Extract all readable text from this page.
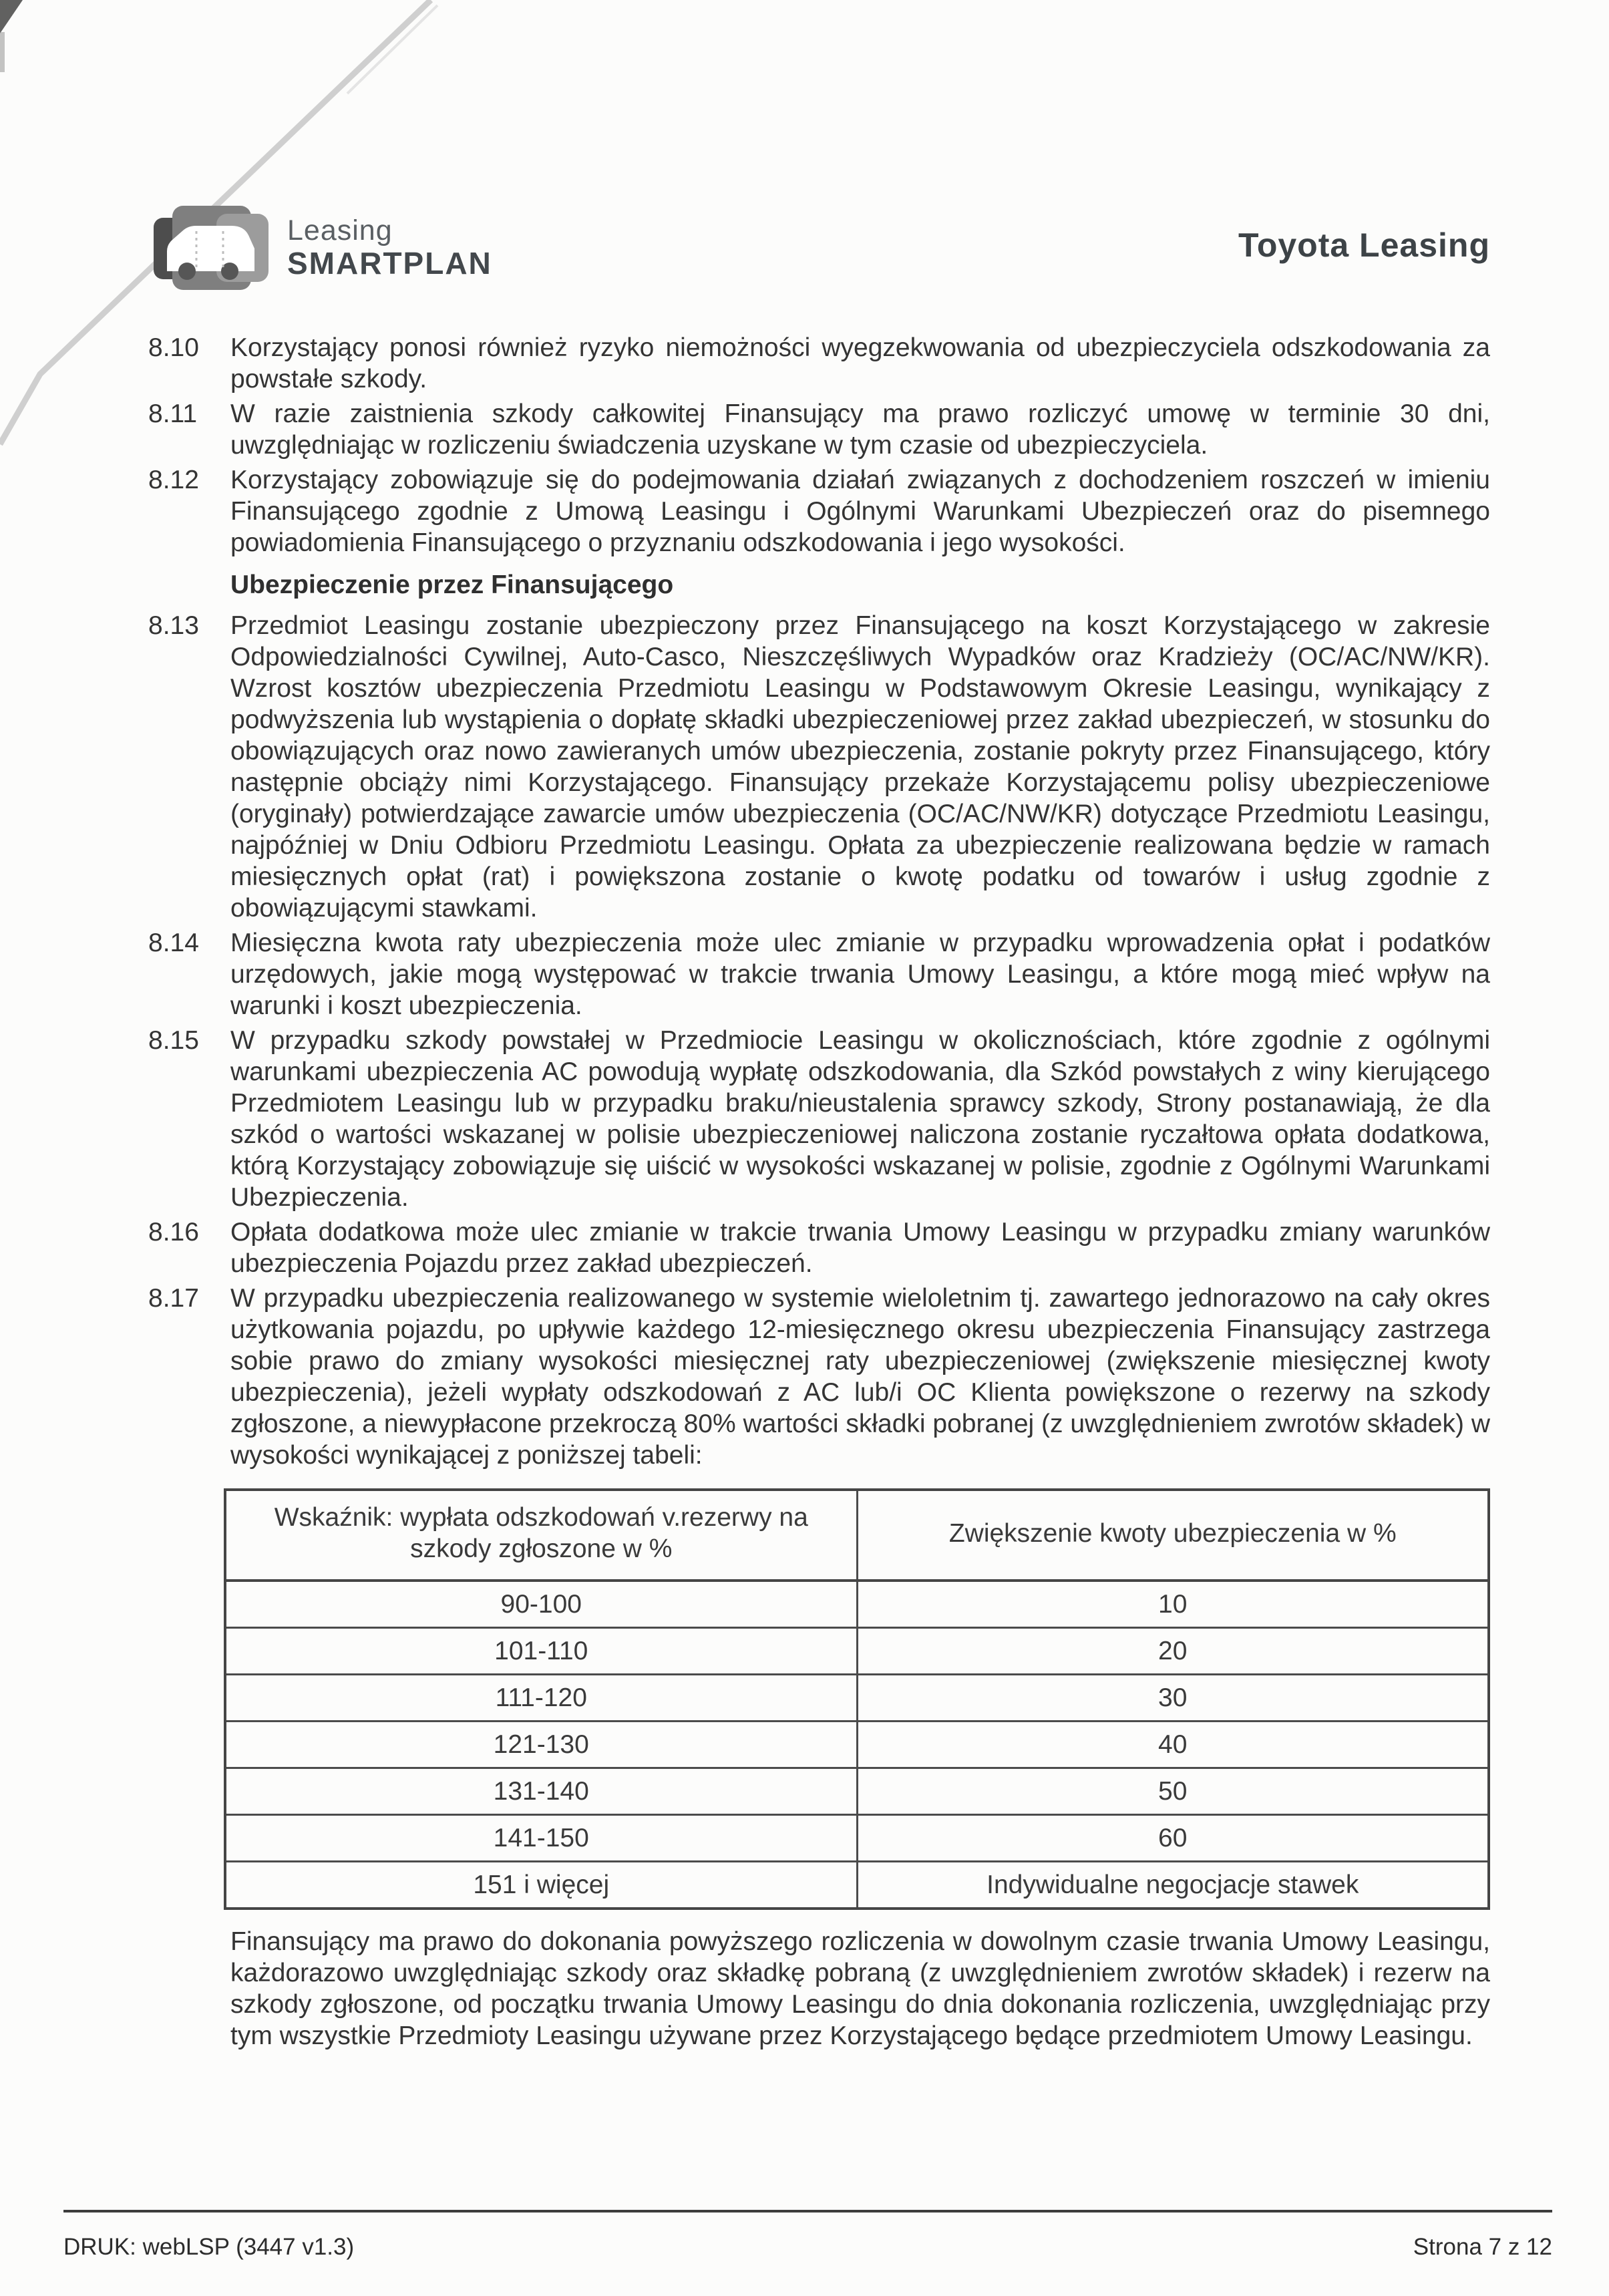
Leasing
SMARTPLAN	Toyota Leasing
8.10	Korzystający ponosi również ryzyko niemożności wyegzekwowania od ubezpieczyciela odszkodowania za powstałe szkody.
8.11	W razie zaistnienia szkody całkowitej Finansujący ma prawo rozliczyć umowę w terminie 30 dni, uwzględniając w rozliczeniu świadczenia uzyskane w tym czasie od ubezpieczyciela.
8.12	Korzystający zobowiązuje się do podejmowania działań związanych z dochodzeniem roszczeń w imieniu Finansującego zgodnie z Umową Leasingu i Ogólnymi Warunkami Ubezpieczeń oraz do pisemnego powiadomienia Finansującego o przyznaniu odszkodowania i jego wysokości.
Ubezpieczenie przez Finansującego
8.13	Przedmiot Leasingu zostanie ubezpieczony przez Finansującego na koszt Korzystającego w zakresie Odpowiedzialności Cywilnej, Auto-Casco, Nieszczęśliwych Wypadków oraz Kradzieży (OC/AC/NW/KR). Wzrost kosztów ubezpieczenia Przedmiotu Leasingu w Podstawowym Okresie Leasingu, wynikający z podwyższenia lub wystąpienia o dopłatę składki ubezpieczeniowej przez zakład ubezpieczeń, w stosunku do obowiązujących oraz nowo zawieranych umów ubezpieczenia, zostanie pokryty przez Finansującego, który następnie obciąży nimi Korzystającego. Finansujący przekaże Korzystającemu polisy ubezpieczeniowe (oryginały) potwierdzające zawarcie umów ubezpieczenia (OC/AC/NW/KR) dotyczące Przedmiotu Leasingu, najpóźniej w Dniu Odbioru Przedmiotu Leasingu. Opłata za ubezpieczenie realizowana będzie w ramach miesięcznych opłat (rat) i powiększona zostanie o kwotę podatku od towarów i usług zgodnie z obowiązującymi stawkami.
8.14	Miesięczna kwota raty ubezpieczenia może ulec zmianie w przypadku wprowadzenia opłat i podatków urzędowych, jakie mogą występować w trakcie trwania Umowy Leasingu, a które mogą mieć wpływ na warunki i koszt ubezpieczenia.
8.15	W przypadku szkody powstałej w Przedmiocie Leasingu w okolicznościach, które zgodnie z ogólnymi warunkami ubezpieczenia AC powodują wypłatę odszkodowania, dla Szkód powstałych z winy kierującego Przedmiotem Leasingu lub w przypadku braku/nieustalenia sprawcy szkody, Strony postanawiają, że dla szkód o wartości wskazanej w polisie ubezpieczeniowej naliczona zostanie ryczałtowa opłata dodatkowa, którą Korzystający zobowiązuje się uiścić w wysokości wskazanej w polisie, zgodnie z Ogólnymi Warunkami Ubezpieczenia.
8.16	Opłata dodatkowa może ulec zmianie w trakcie trwania Umowy Leasingu w przypadku zmiany warunków ubezpieczenia Pojazdu przez zakład ubezpieczeń.
8.17	W przypadku ubezpieczenia realizowanego w systemie wieloletnim tj. zawartego jednorazowo na cały okres użytkowania pojazdu, po upływie każdego 12-miesięcznego okresu ubezpieczenia Finansujący zastrzega sobie prawo do zmiany wysokości miesięcznej raty ubezpieczeniowej (zwiększenie miesięcznej kwoty ubezpieczenia), jeżeli wypłaty odszkodowań z AC lub/i OC Klienta powiększone o rezerwy na szkody zgłoszone, a niewypłacone przekroczą 80% wartości składki pobranej (z uwzględnieniem zwrotów składek) w wysokości wynikającej z poniższej tabeli:
Wskaźnik: wypłata odszkodowań v.rezerwy na szkody zgłoszone w %	Zwiększenie kwoty ubezpieczenia w %
90-100	10
101-110	20
111-120	30
121-130	40
131-140	50
141-150	60
151 i więcej	Indywidualne negocjacje stawek
Finansujący ma prawo do dokonania powyższego rozliczenia w dowolnym czasie trwania Umowy Leasingu, każdorazowo uwzględniając szkody oraz składkę pobraną (z uwzględnieniem zwrotów składek) i rezerw na szkody zgłoszone, od początku trwania Umowy Leasingu do dnia dokonania rozliczenia, uwzględniając przy tym wszystkie Przedmioty Leasingu używane przez Korzystającego będące przedmiotem Umowy Leasingu.
DRUK: webLSP (3447 v1.3)	Strona 7 z 12
